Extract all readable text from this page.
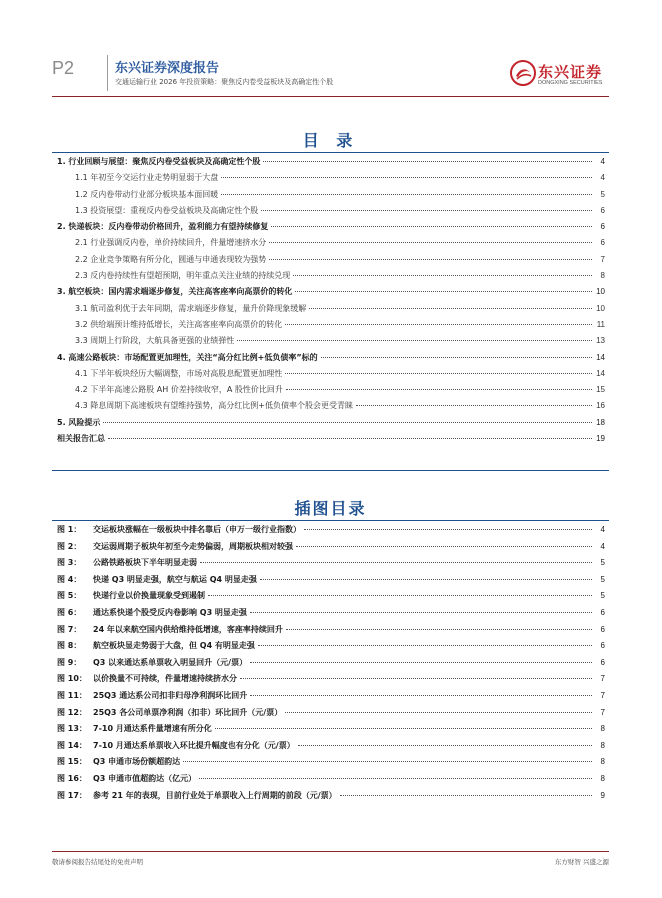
P2	东兴证券深度报告
交通运输行业 2026 年投资策略：聚焦反内卷受益板块及高确定性个股
东兴证券
DONGXING SECURITIES
目 录
1. 行业回顾与展望：聚焦反内卷受益板块及高确定性个股	4
1.1 年初至今交运行业走势明显弱于大盘	4
1.2 反内卷带动行业部分板块基本面回暖	5
1.3 投资展望：重视反内卷受益板块及高确定性个股	6
2. 快递板块：反内卷带动价格回升，盈利能力有望持续修复	6
2.1 行业强调反内卷，单价持续回升，件量增速挤水分	6
2.2 企业竞争策略有所分化，圆通与申通表现较为强势	7
2.3 反内卷持续性有望超预期，明年重点关注业绩的持续兑现	8
3. 航空板块：国内需求端逐步修复，关注高客座率向高票价的转化	10
3.1 航司盈利优于去年同期，需求端逐步修复，量升价降现象缓解	10
3.2 供给端预计维持低增长，关注高客座率向高票价的转化	11
3.3 周期上行阶段，大航具备更强的业绩弹性	13
4. 高速公路板块：市场配置更加理性，关注“高分红比例+低负债率”标的	14
4.1 下半年板块经历大幅调整，市场对高股息配置更加理性	14
4.2 下半年高速公路股 AH 价差持续收窄，A 股性价比回升	15
4.3 降息周期下高速板块有望维持强势，高分红比例+低负债率个股会更受青睐	16
5. 风险提示	18
相关报告汇总	19
插图目录
图 1： 交运板块涨幅在一级板块中排名靠后（申万一级行业指数）	4
图 2： 交运弱周期子板块年初至今走势偏弱，周期板块相对较强	4
图 3： 公路铁路板块下半年明显走弱	5
图 4： 快递 Q3 明显走强，航空与航运 Q4 明显走强	5
图 5： 快递行业以价换量现象受到遏制	5
图 6： 通达系快递个股受反内卷影响 Q3 明显走强	6
图 7： 24 年以来航空国内供给维持低增速，客座率持续回升	6
图 8： 航空板块显走势弱于大盘，但 Q4 有明显走强	6
图 9： Q3 以来通达系单票收入明显回升（元/票）	6
图 10： 以价换量不可持续，件量增速持续挤水分	7
图 11： 25Q3 通达系公司扣非归母净利润环比回升	7
图 12： 25Q3 各公司单票净利润（扣非）环比回升（元/票）	7
图 13： 7-10 月通达系件量增速有所分化	8
图 14： 7-10 月通达系单票收入环比提升幅度也有分化（元/票）	8
图 15： Q3 申通市场份额超韵达	8
图 16： Q3 申通市值超韵达（亿元）	8
图 17： 参考 21 年的表现，目前行业处于单票收入上行周期的前段（元/票）	9
敬请参阅报告结尾处的免责声明	东方财智 兴盛之源
